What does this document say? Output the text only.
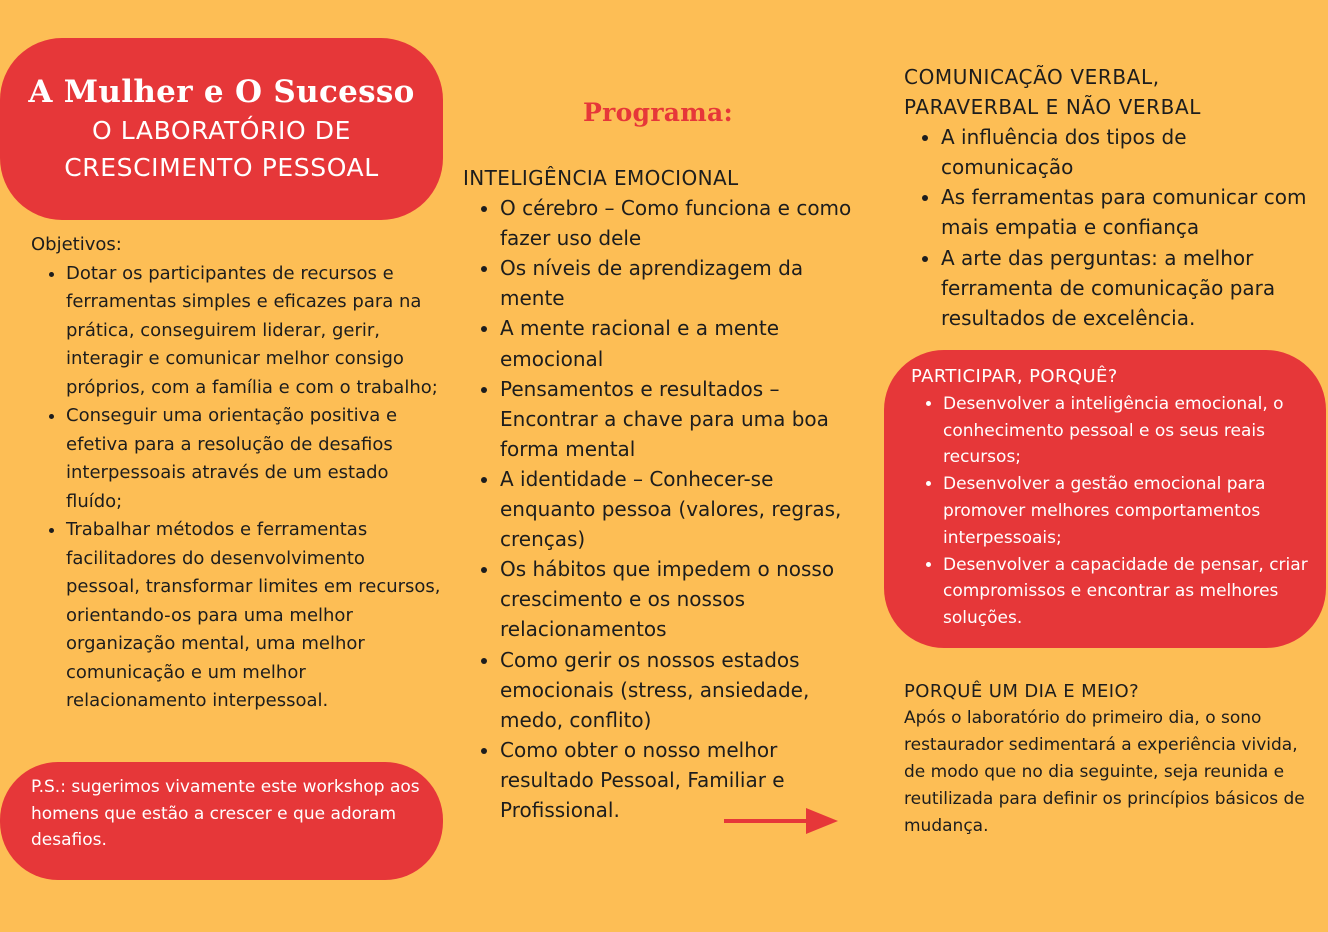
A Mulher e O Sucesso
O LABORATÓRIO DE
CRESCIMENTO PESSOAL
Objetivos:
• Dotar os participantes de recursos e ferramentas simples e eficazes para na prática, conseguirem liderar, gerir, interagir e comunicar melhor consigo próprios, com a família e com o trabalho;
• Conseguir uma orientação positiva e efetiva para a resolução de desafios interpessoais através de um estado fluído;
• Trabalhar métodos e ferramentas facilitadores do desenvolvimento pessoal, transformar limites em recursos, orientando-os para uma melhor organização mental, uma melhor comunicação e um melhor relacionamento interpessoal.
P.S.: sugerimos vivamente este workshop aos homens que estão a crescer e que adoram desafios.
Programa:
INTELIGÊNCIA EMOCIONAL
• O cérebro – Como funciona e como fazer uso dele
• Os níveis de aprendizagem da mente
• A mente racional e a mente emocional
• Pensamentos e resultados – Encontrar a chave para uma boa forma mental
• A identidade – Conhecer-se enquanto pessoa (valores, regras, crenças)
• Os hábitos que impedem o nosso crescimento e os nossos relacionamentos
• Como gerir os nossos estados emocionais (stress, ansiedade, medo, conflito)
• Como obter o nosso melhor resultado Pessoal, Familiar e Profissional.
COMUNICAÇÃO VERBAL,
PARAVERBAL E NÃO VERBAL
• A influência dos tipos de comunicação
• As ferramentas para comunicar com mais empatia e confiança
• A arte das perguntas: a melhor ferramenta de comunicação para resultados de excelência.
PARTICIPAR, PORQUÊ?
• Desenvolver a inteligência emocional, o conhecimento pessoal e os seus reais recursos;
• Desenvolver a gestão emocional para promover melhores comportamentos interpessoais;
• Desenvolver a capacidade de pensar, criar compromissos e encontrar as melhores soluções.
PORQUÊ UM DIA E MEIO?
Após o laboratório do primeiro dia, o sono restaurador sedimentará a experiência vivida, de modo que no dia seguinte, seja reunida e reutilizada para definir os princípios básicos de mudança.
